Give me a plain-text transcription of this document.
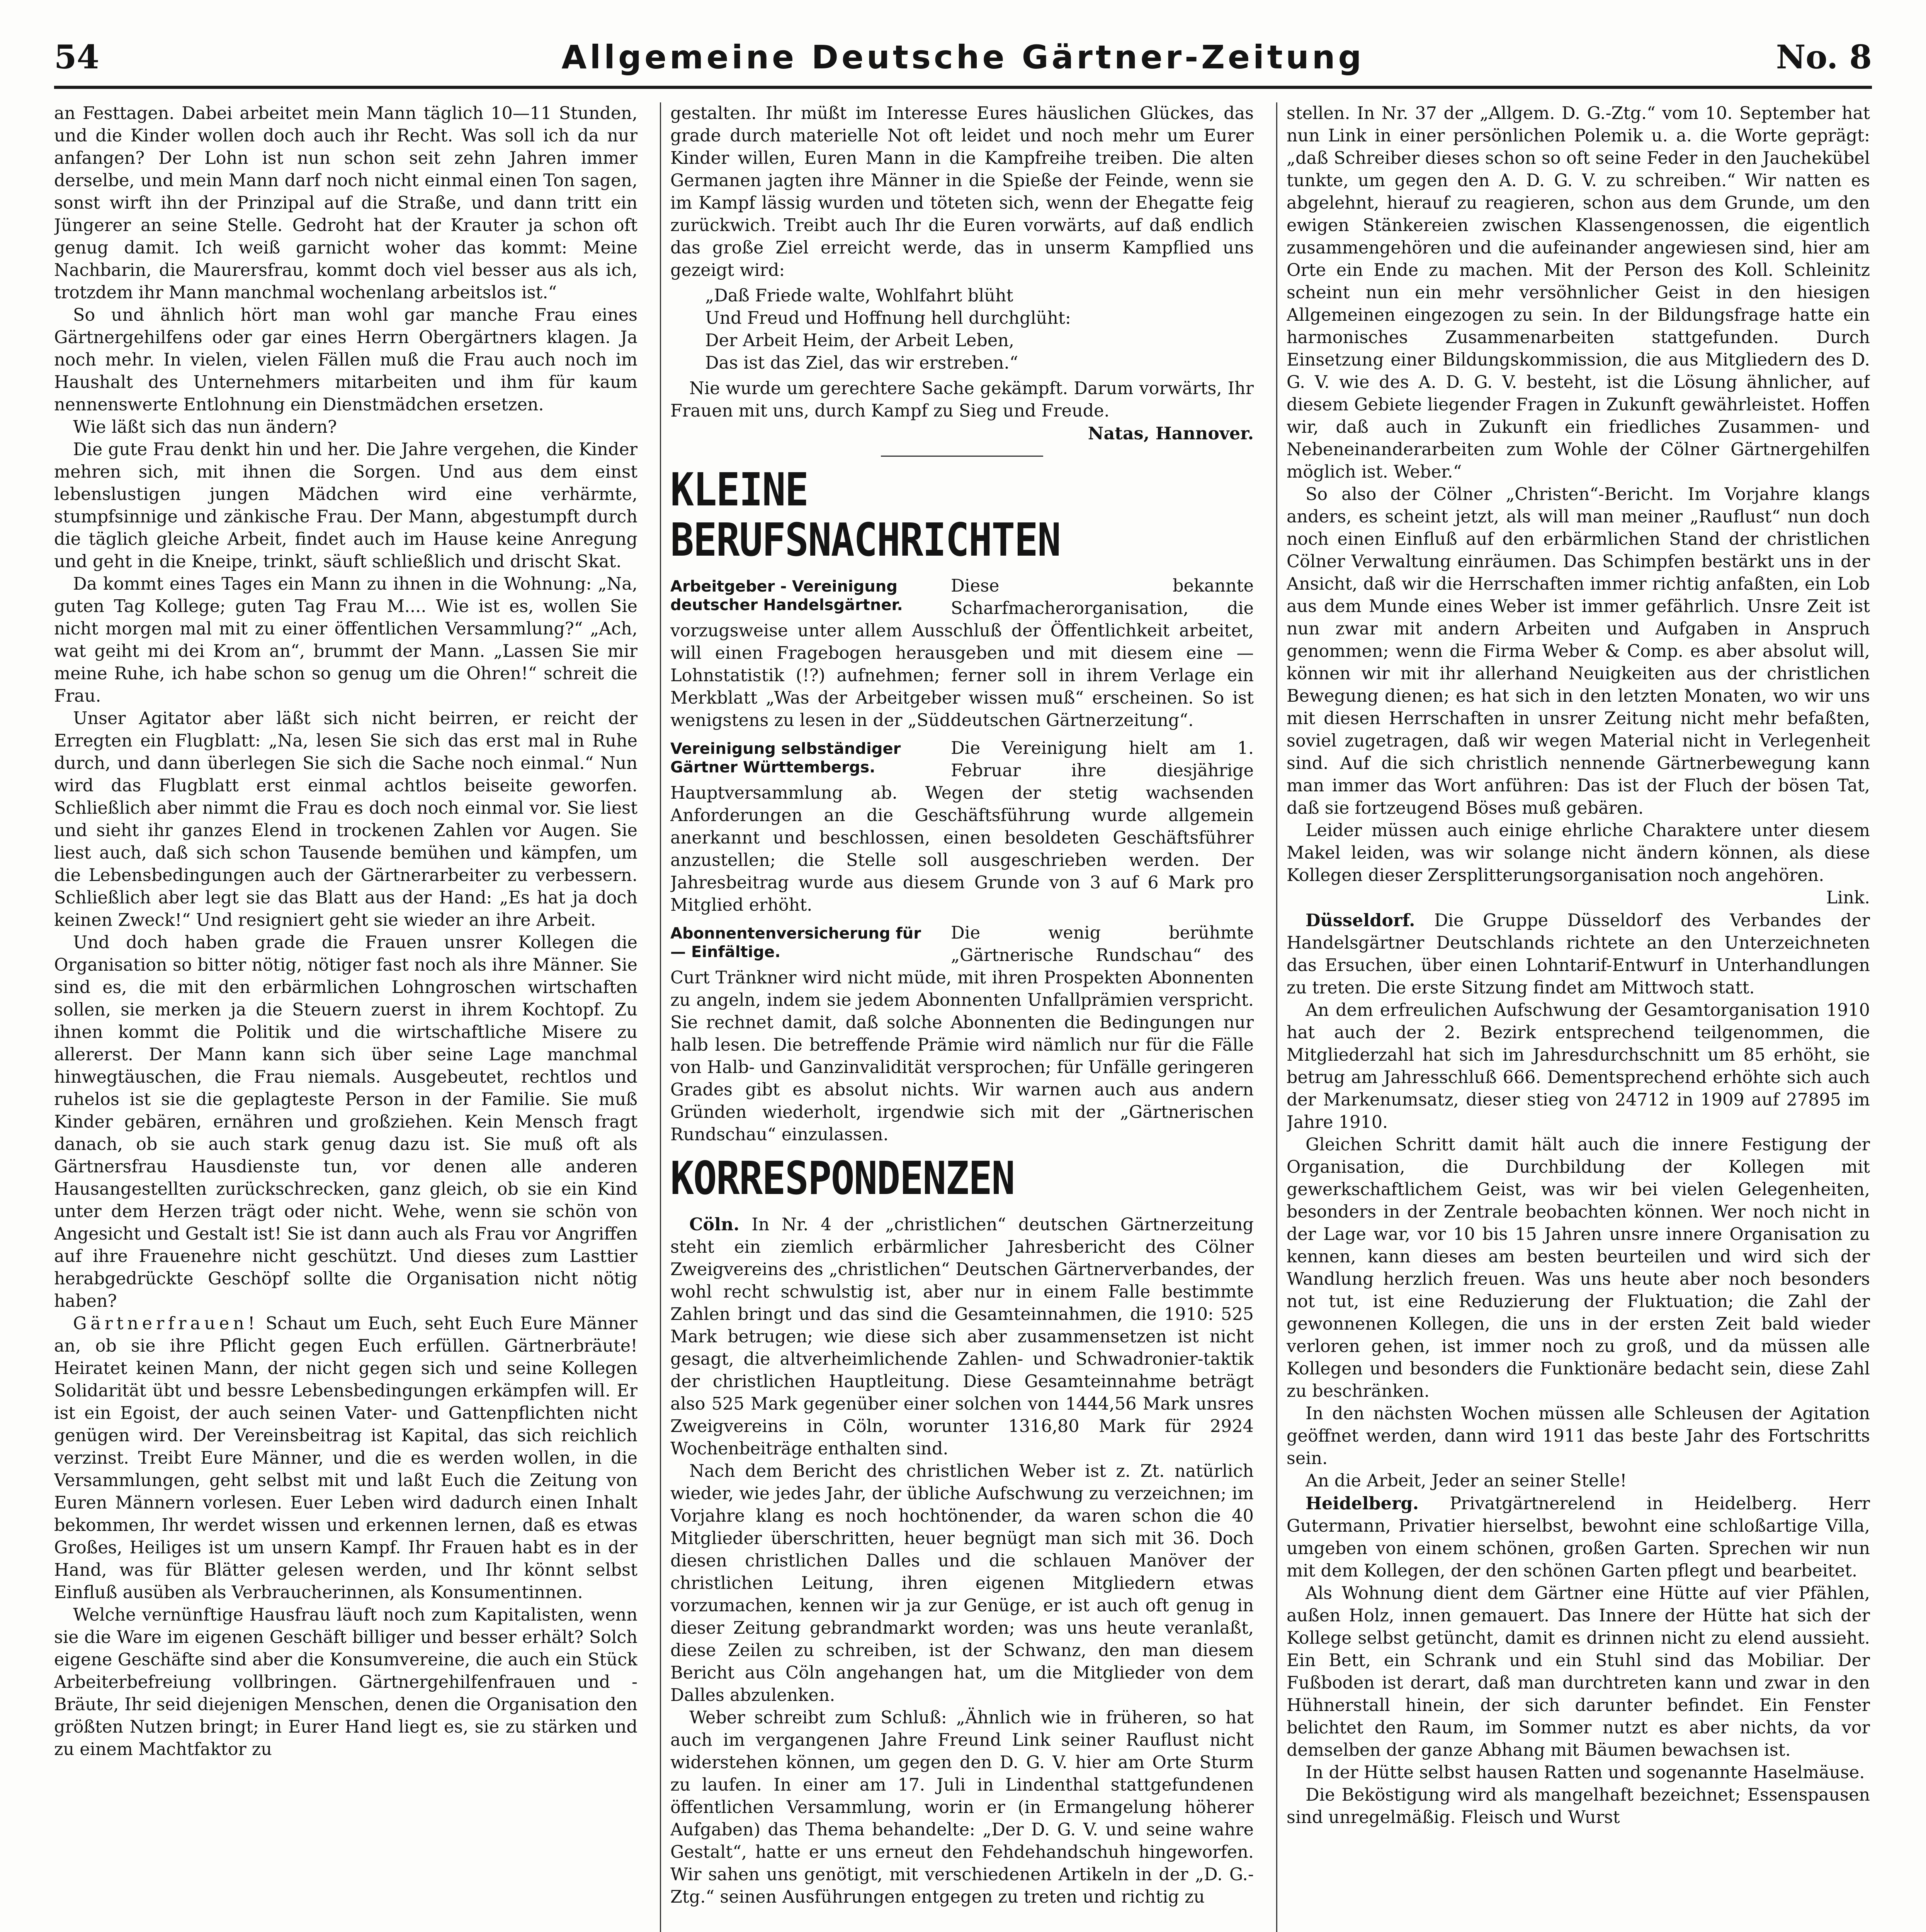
54	Allgemeine Deutsche Gärtner-Zeitung	No. 8

an Festtagen. Dabei arbeitet mein Mann täglich 10—11 Stunden, und die Kinder wollen doch auch ihr Recht. Was soll ich da nur anfangen? Der Lohn ist nun schon seit zehn Jahren immer derselbe, und mein Mann darf noch nicht einmal einen Ton sagen, sonst wirft ihn der Prinzipal auf die Straße, und dann tritt ein Jüngerer an seine Stelle. Gedroht hat der Krauter ja schon oft genug damit. Ich weiß garnicht woher das kommt: Meine Nachbarin, die Maurersfrau, kommt doch viel besser aus als ich, trotzdem ihr Mann manchmal wochenlang arbeitslos ist.“

So und ähnlich hört man wohl gar manche Frau eines Gärtnergehilfens oder gar eines Herrn Obergärtners klagen. Ja noch mehr. In vielen, vielen Fällen muß die Frau auch noch im Haushalt des Unternehmers mitarbeiten und ihm für kaum nennenswerte Entlohnung ein Dienstmädchen ersetzen.

Wie läßt sich das nun ändern?

Die gute Frau denkt hin und her. Die Jahre vergehen, die Kinder mehren sich, mit ihnen die Sorgen. Und aus dem einst lebenslustigen jungen Mädchen wird eine verhärmte, stumpfsinnige und zänkische Frau. Der Mann, abgestumpft durch die täglich gleiche Arbeit, findet auch im Hause keine Anregung und geht in die Kneipe, trinkt, säuft schließlich und drischt Skat.

Da kommt eines Tages ein Mann zu ihnen in die Wohnung: „Na, guten Tag Kollege; guten Tag Frau M.... Wie ist es, wollen Sie nicht morgen mal mit zu einer öffentlichen Versammlung?“ „Ach, wat geiht mi dei Krom an“, brummt der Mann. „Lassen Sie mir meine Ruhe, ich habe schon so genug um die Ohren!“ schreit die Frau.

Unser Agitator aber läßt sich nicht beirren, er reicht der Erregten ein Flugblatt: „Na, lesen Sie sich das erst mal in Ruhe durch, und dann überlegen Sie sich die Sache noch einmal.“ Nun wird das Flugblatt erst einmal achtlos beiseite geworfen. Schließlich aber nimmt die Frau es doch noch einmal vor. Sie liest und sieht ihr ganzes Elend in trockenen Zahlen vor Augen. Sie liest auch, daß sich schon Tausende bemühen und kämpfen, um die Lebensbedingungen auch der Gärtnerarbeiter zu verbessern. Schließlich aber legt sie das Blatt aus der Hand: „Es hat ja doch keinen Zweck!“ Und resigniert geht sie wieder an ihre Arbeit.

Und doch haben grade die Frauen unsrer Kollegen die Organisation so bitter nötig, nötiger fast noch als ihre Männer. Sie sind es, die mit den erbärmlichen Lohngroschen wirtschaften sollen, sie merken ja die Steuern zuerst in ihrem Kochtopf. Zu ihnen kommt die Politik und die wirtschaftliche Misere zu allererst. Der Mann kann sich über seine Lage manchmal hinwegtäuschen, die Frau niemals. Ausgebeutet, rechtlos und ruhelos ist sie die geplagteste Person in der Familie. Sie muß Kinder gebären, ernähren und großziehen. Kein Mensch fragt danach, ob sie auch stark genug dazu ist. Sie muß oft als Gärtnersfrau Hausdienste tun, vor denen alle anderen Hausangestellten zurückschrecken, ganz gleich, ob sie ein Kind unter dem Herzen trägt oder nicht. Wehe, wenn sie schön von Angesicht und Gestalt ist! Sie ist dann auch als Frau vor Angriffen auf ihre Frauenehre nicht geschützt. Und dieses zum Lasttier herabgedrückte Geschöpf sollte die Organisation nicht nötig haben?

Gärtnerfrauen! Schaut um Euch, seht Euch Eure Männer an, ob sie ihre Pflicht gegen Euch erfüllen. Gärtnerbräute! Heiratet keinen Mann, der nicht gegen sich und seine Kollegen Solidarität übt und bessre Lebensbedingungen erkämpfen will. Er ist ein Egoist, der auch seinen Vater- und Gattenpflichten nicht genügen wird. Der Vereinsbeitrag ist Kapital, das sich reichlich verzinst. Treibt Eure Männer, und die es werden wollen, in die Versammlungen, geht selbst mit und laßt Euch die Zeitung von Euren Männern vorlesen. Euer Leben wird dadurch einen Inhalt bekommen, Ihr werdet wissen und erkennen lernen, daß es etwas Großes, Heiliges ist um unsern Kampf. Ihr Frauen habt es in der Hand, was für Blätter gelesen werden, und Ihr könnt selbst Einfluß ausüben als Verbraucherinnen, als Konsumentinnen.

Welche vernünftige Hausfrau läuft noch zum Kapitalisten, wenn sie die Ware im eigenen Geschäft billiger und besser erhält? Solch eigene Geschäfte sind aber die Konsumvereine, die auch ein Stück Arbeiterbefreiung vollbringen. Gärtnergehilfenfrauen und -Bräute, Ihr seid diejenigen Menschen, denen die Organisation den größten Nutzen bringt; in Eurer Hand liegt es, sie zu stärken und zu einem Machtfaktor zu

gestalten. Ihr müßt im Interesse Eures häuslichen Glückes, das grade durch materielle Not oft leidet und noch mehr um Eurer Kinder willen, Euren Mann in die Kampfreihe treiben. Die alten Germanen jagten ihre Männer in die Spieße der Feinde, wenn sie im Kampf lässig wurden und töteten sich, wenn der Ehegatte feig zurückwich. Treibt auch Ihr die Euren vorwärts, auf daß endlich das große Ziel erreicht werde, das in unserm Kampflied uns gezeigt wird:

„Daß Friede walte, Wohlfahrt blüht
Und Freud und Hoffnung hell durchglüht:
Der Arbeit Heim, der Arbeit Leben,
Das ist das Ziel, das wir erstreben.“

Nie wurde um gerechtere Sache gekämpft. Darum vorwärts, Ihr Frauen mit uns, durch Kampf zu Sieg und Freude.

Natas, Hannover.
KLEINE
BERUFSNACHRICHTEN
Arbeitgeber - Vereinigung deutscher Handelsgärtner.
Diese bekannte Scharfmacherorganisation, die vorzugsweise unter allem Ausschluß der Öffentlichkeit arbeitet, will einen Fragebogen herausgeben und mit diesem eine — Lohnstatistik (!?) aufnehmen; ferner soll in ihrem Verlage ein Merkblatt „Was der Arbeitgeber wissen muß“ erscheinen. So ist wenigstens zu lesen in der „Süddeutschen Gärtnerzeitung“.
Vereinigung selbständiger Gärtner Württembergs.
Die Vereinigung hielt am 1. Februar ihre diesjährige Hauptversammlung ab. Wegen der stetig wachsenden Anforderungen an die Geschäftsführung wurde allgemein anerkannt und beschlossen, einen besoldeten Geschäftsführer anzustellen; die Stelle soll ausgeschrieben werden. Der Jahresbeitrag wurde aus diesem Grunde von 3 auf 6 Mark pro Mitglied erhöht.
Abonnentenversicherung für — Einfältige.
Die wenig berühmte „Gärtnerische Rundschau“ des Curt Tränkner wird nicht müde, mit ihren Prospekten Abonnenten zu angeln, indem sie jedem Abonnenten Unfallprämien verspricht. Sie rechnet damit, daß solche Abonnenten die Bedingungen nur halb lesen. Die betreffende Prämie wird nämlich nur für die Fälle von Halb- und Ganzinvalidität versprochen; für Unfälle geringeren Grades gibt es absolut nichts. Wir warnen auch aus andern Gründen wiederholt, irgendwie sich mit der „Gärtnerischen Rundschau“ einzulassen.
KORRESPONDENZEN

Cöln. In Nr. 4 der „christlichen“ deutschen Gärtnerzeitung steht ein ziemlich erbärmlicher Jahresbericht des Cölner Zweigvereins des „christlichen“ Deutschen Gärtnerverbandes, der wohl recht schwulstig ist, aber nur in einem Falle bestimmte Zahlen bringt und das sind die Gesamteinnahmen, die 1910: 525 Mark betrugen; wie diese sich aber zusammensetzen ist nicht gesagt, die altverheimlichende Zahlen- und Schwadronier-taktik der christlichen Hauptleitung. Diese Gesamteinnahme beträgt also 525 Mark gegenüber einer solchen von 1444,56 Mark unsres Zweigvereins in Cöln, worunter 1316,80 Mark für 2924 Wochenbeiträge enthalten sind.

Nach dem Bericht des christlichen Weber ist z. Zt. natürlich wieder, wie jedes Jahr, der übliche Aufschwung zu verzeichnen; im Vorjahre klang es noch hochtönender, da waren schon die 40 Mitglieder überschritten, heuer begnügt man sich mit 36. Doch diesen christlichen Dalles und die schlauen Manöver der christlichen Leitung, ihren eigenen Mitgliedern etwas vorzumachen, kennen wir ja zur Genüge, er ist auch oft genug in dieser Zeitung gebrandmarkt worden; was uns heute veranlaßt, diese Zeilen zu schreiben, ist der Schwanz, den man diesem Bericht aus Cöln angehangen hat, um die Mitglieder von dem Dalles abzulenken.

Weber schreibt zum Schluß: „Ähnlich wie in früheren, so hat auch im vergangenen Jahre Freund Link seiner Rauflust nicht widerstehen können, um gegen den D. G. V. hier am Orte Sturm zu laufen. In einer am 17. Juli in Lindenthal stattgefundenen öffentlichen Versammlung, worin er (in Ermangelung höherer Aufgaben) das Thema behandelte: „Der D. G. V. und seine wahre Gestalt“, hatte er uns erneut den Fehdehandschuh hingeworfen. Wir sahen uns genötigt, mit verschiedenen Artikeln in der „D. G.-Ztg.“ seinen Ausführungen entgegen zu treten und richtig zu

stellen. In Nr. 37 der „Allgem. D. G.-Ztg.“ vom 10. September hat nun Link in einer persönlichen Polemik u. a. die Worte geprägt: „daß Schreiber dieses schon so oft seine Feder in den Jauchekübel tunkte, um gegen den A. D. G. V. zu schreiben.“ Wir natten es abgelehnt, hierauf zu reagieren, schon aus dem Grunde, um den ewigen Stänkereien zwischen Klassengenossen, die eigentlich zusammengehören und die aufeinander angewiesen sind, hier am Orte ein Ende zu machen. Mit der Person des Koll. Schleinitz scheint nun ein mehr versöhnlicher Geist in den hiesigen Allgemeinen eingezogen zu sein. In der Bildungsfrage hatte ein harmonisches Zusammenarbeiten stattgefunden. Durch Einsetzung einer Bildungskommission, die aus Mitgliedern des D. G. V. wie des A. D. G. V. besteht, ist die Lösung ähnlicher, auf diesem Gebiete liegender Fragen in Zukunft gewährleistet. Hoffen wir, daß auch in Zukunft ein friedliches Zusammen- und Nebeneinanderarbeiten zum Wohle der Cölner Gärtnergehilfen möglich ist. Weber.“

So also der Cölner „Christen“-Bericht. Im Vorjahre klangs anders, es scheint jetzt, als will man meiner „Rauflust“ nun doch noch einen Einfluß auf den erbärmlichen Stand der christlichen Cölner Verwaltung einräumen. Das Schimpfen bestärkt uns in der Ansicht, daß wir die Herrschaften immer richtig anfaßten, ein Lob aus dem Munde eines Weber ist immer gefährlich. Unsre Zeit ist nun zwar mit andern Arbeiten und Aufgaben in Anspruch genommen; wenn die Firma Weber & Comp. es aber absolut will, können wir mit ihr allerhand Neuigkeiten aus der christlichen Bewegung dienen; es hat sich in den letzten Monaten, wo wir uns mit diesen Herrschaften in unsrer Zeitung nicht mehr befaßten, soviel zugetragen, daß wir wegen Material nicht in Verlegenheit sind. Auf die sich christlich nennende Gärtnerbewegung kann man immer das Wort anführen: Das ist der Fluch der bösen Tat, daß sie fortzeugend Böses muß gebären.

Leider müssen auch einige ehrliche Charaktere unter diesem Makel leiden, was wir solange nicht ändern können, als diese Kollegen dieser Zersplitterungsorganisation noch angehören.

Link.

Düsseldorf. Die Gruppe Düsseldorf des Verbandes der Handelsgärtner Deutschlands richtete an den Unterzeichneten das Ersuchen, über einen Lohntarif-Entwurf in Unterhandlungen zu treten. Die erste Sitzung findet am Mittwoch statt.

An dem erfreulichen Aufschwung der Gesamtorganisation 1910 hat auch der 2. Bezirk entsprechend teilgenommen, die Mitgliederzahl hat sich im Jahresdurchschnitt um 85 erhöht, sie betrug am Jahresschluß 666. Dementsprechend erhöhte sich auch der Markenumsatz, dieser stieg von 24712 in 1909 auf 27895 im Jahre 1910.

Gleichen Schritt damit hält auch die innere Festigung der Organisation, die Durchbildung der Kollegen mit gewerkschaftlichem Geist, was wir bei vielen Gelegenheiten, besonders in der Zentrale beobachten können. Wer noch nicht in der Lage war, vor 10 bis 15 Jahren unsre innere Organisation zu kennen, kann dieses am besten beurteilen und wird sich der Wandlung herzlich freuen. Was uns heute aber noch besonders not tut, ist eine Reduzierung der Fluktuation; die Zahl der gewonnenen Kollegen, die uns in der ersten Zeit bald wieder verloren gehen, ist immer noch zu groß, und da müssen alle Kollegen und besonders die Funktionäre bedacht sein, diese Zahl zu beschränken.

In den nächsten Wochen müssen alle Schleusen der Agitation geöffnet werden, dann wird 1911 das beste Jahr des Fortschritts sein.

An die Arbeit, Jeder an seiner Stelle!

Heidelberg. Privatgärtnerelend in Heidelberg. Herr Gutermann, Privatier hierselbst, bewohnt eine schloßartige Villa, umgeben von einem schönen, großen Garten. Sprechen wir nun mit dem Kollegen, der den schönen Garten pflegt und bearbeitet.

Als Wohnung dient dem Gärtner eine Hütte auf vier Pfählen, außen Holz, innen gemauert. Das Innere der Hütte hat sich der Kollege selbst getüncht, damit es drinnen nicht zu elend aussieht. Ein Bett, ein Schrank und ein Stuhl sind das Mobiliar. Der Fußboden ist derart, daß man durchtreten kann und zwar in den Hühnerstall hinein, der sich darunter befindet. Ein Fenster belichtet den Raum, im Sommer nutzt es aber nichts, da vor demselben der ganze Abhang mit Bäumen bewachsen ist.

In der Hütte selbst hausen Ratten und sogenannte Haselmäuse.

Die Beköstigung wird als mangelhaft bezeichnet; Essenspausen sind unregelmäßig. Fleisch und Wurst
